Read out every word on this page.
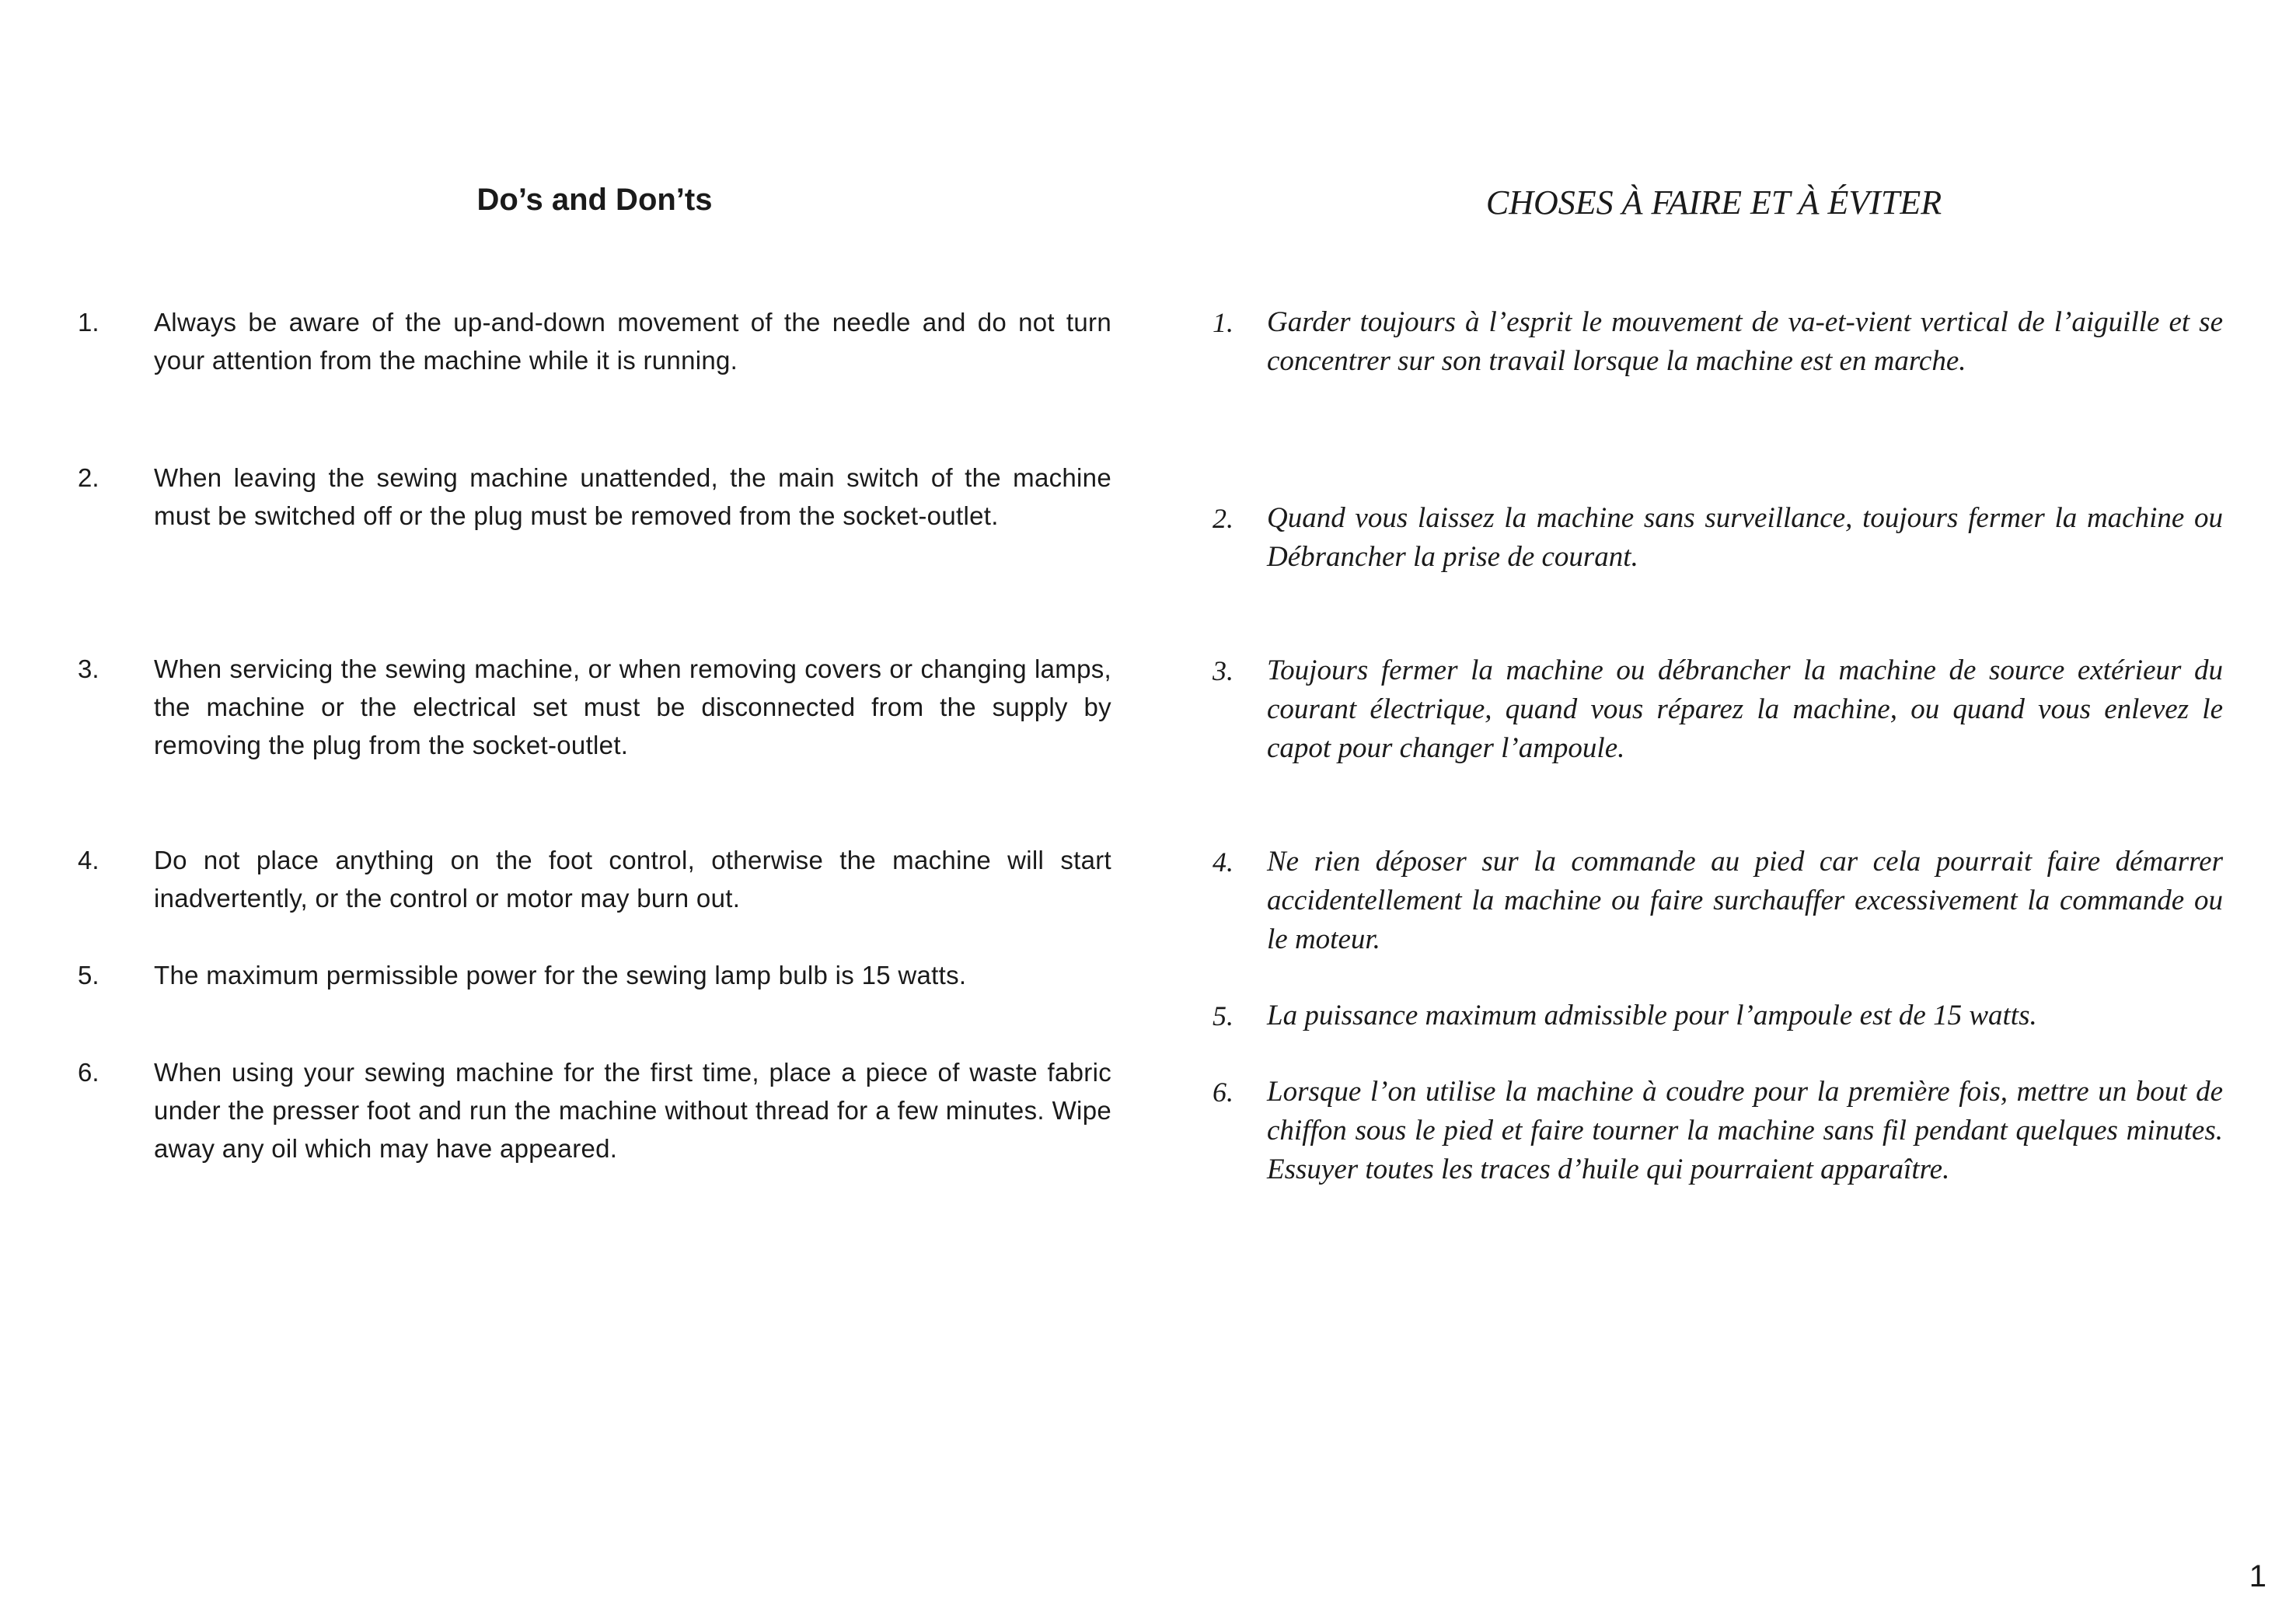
Do’s and Don’ts
1.	Always be aware of the up-and-down movement of the needle and do not turn your attention from the machine while it is running.
2.	When leaving the sewing machine unattended, the main switch of the machine must be switched off or the plug must be removed from the socket-outlet.
3.	When servicing the sewing machine, or when removing covers or changing lamps, the machine or the electrical set must be disconnected from the supply by removing the plug from the socket-outlet.
4.	Do not place anything on the foot control, otherwise the machine will start inadvertently, or the control or motor may burn out.
5.	The maximum permissible power for the sewing lamp bulb is 15 watts.
6.	When using your sewing machine for the first time, place a piece of waste fabric under the presser foot and run the machine without thread for a few minutes. Wipe away any oil which may have appeared.
CHOSES À FAIRE ET À ÉVITER
1.	Garder toujours à l’esprit le mouvement de va-et-vient vertical de l’aiguille et se concentrer sur son travail lorsque la machine est en marche.
2.	Quand vous laissez la machine sans surveillance, toujours fermer la machine ou Débrancher la prise de courant.
3.	Toujours fermer la machine ou débrancher la machine de source extérieur du courant électrique, quand vous réparez la machine, ou quand vous enlevez le capot pour changer l’ampoule.
4.	Ne rien déposer sur la commande au pied car cela pourrait faire démarrer accidentellement la machine ou faire surchauffer excessivement la commande ou le moteur.
5.	La puissance maximum admissible pour l’ampoule est de 15 watts.
6.	Lorsque l’on utilise la machine à coudre pour la première fois, mettre un bout de chiffon sous le pied et faire tourner la machine sans fil pendant quelques minutes. Essuyer toutes les traces d’huile qui pourraient apparaître.
1
